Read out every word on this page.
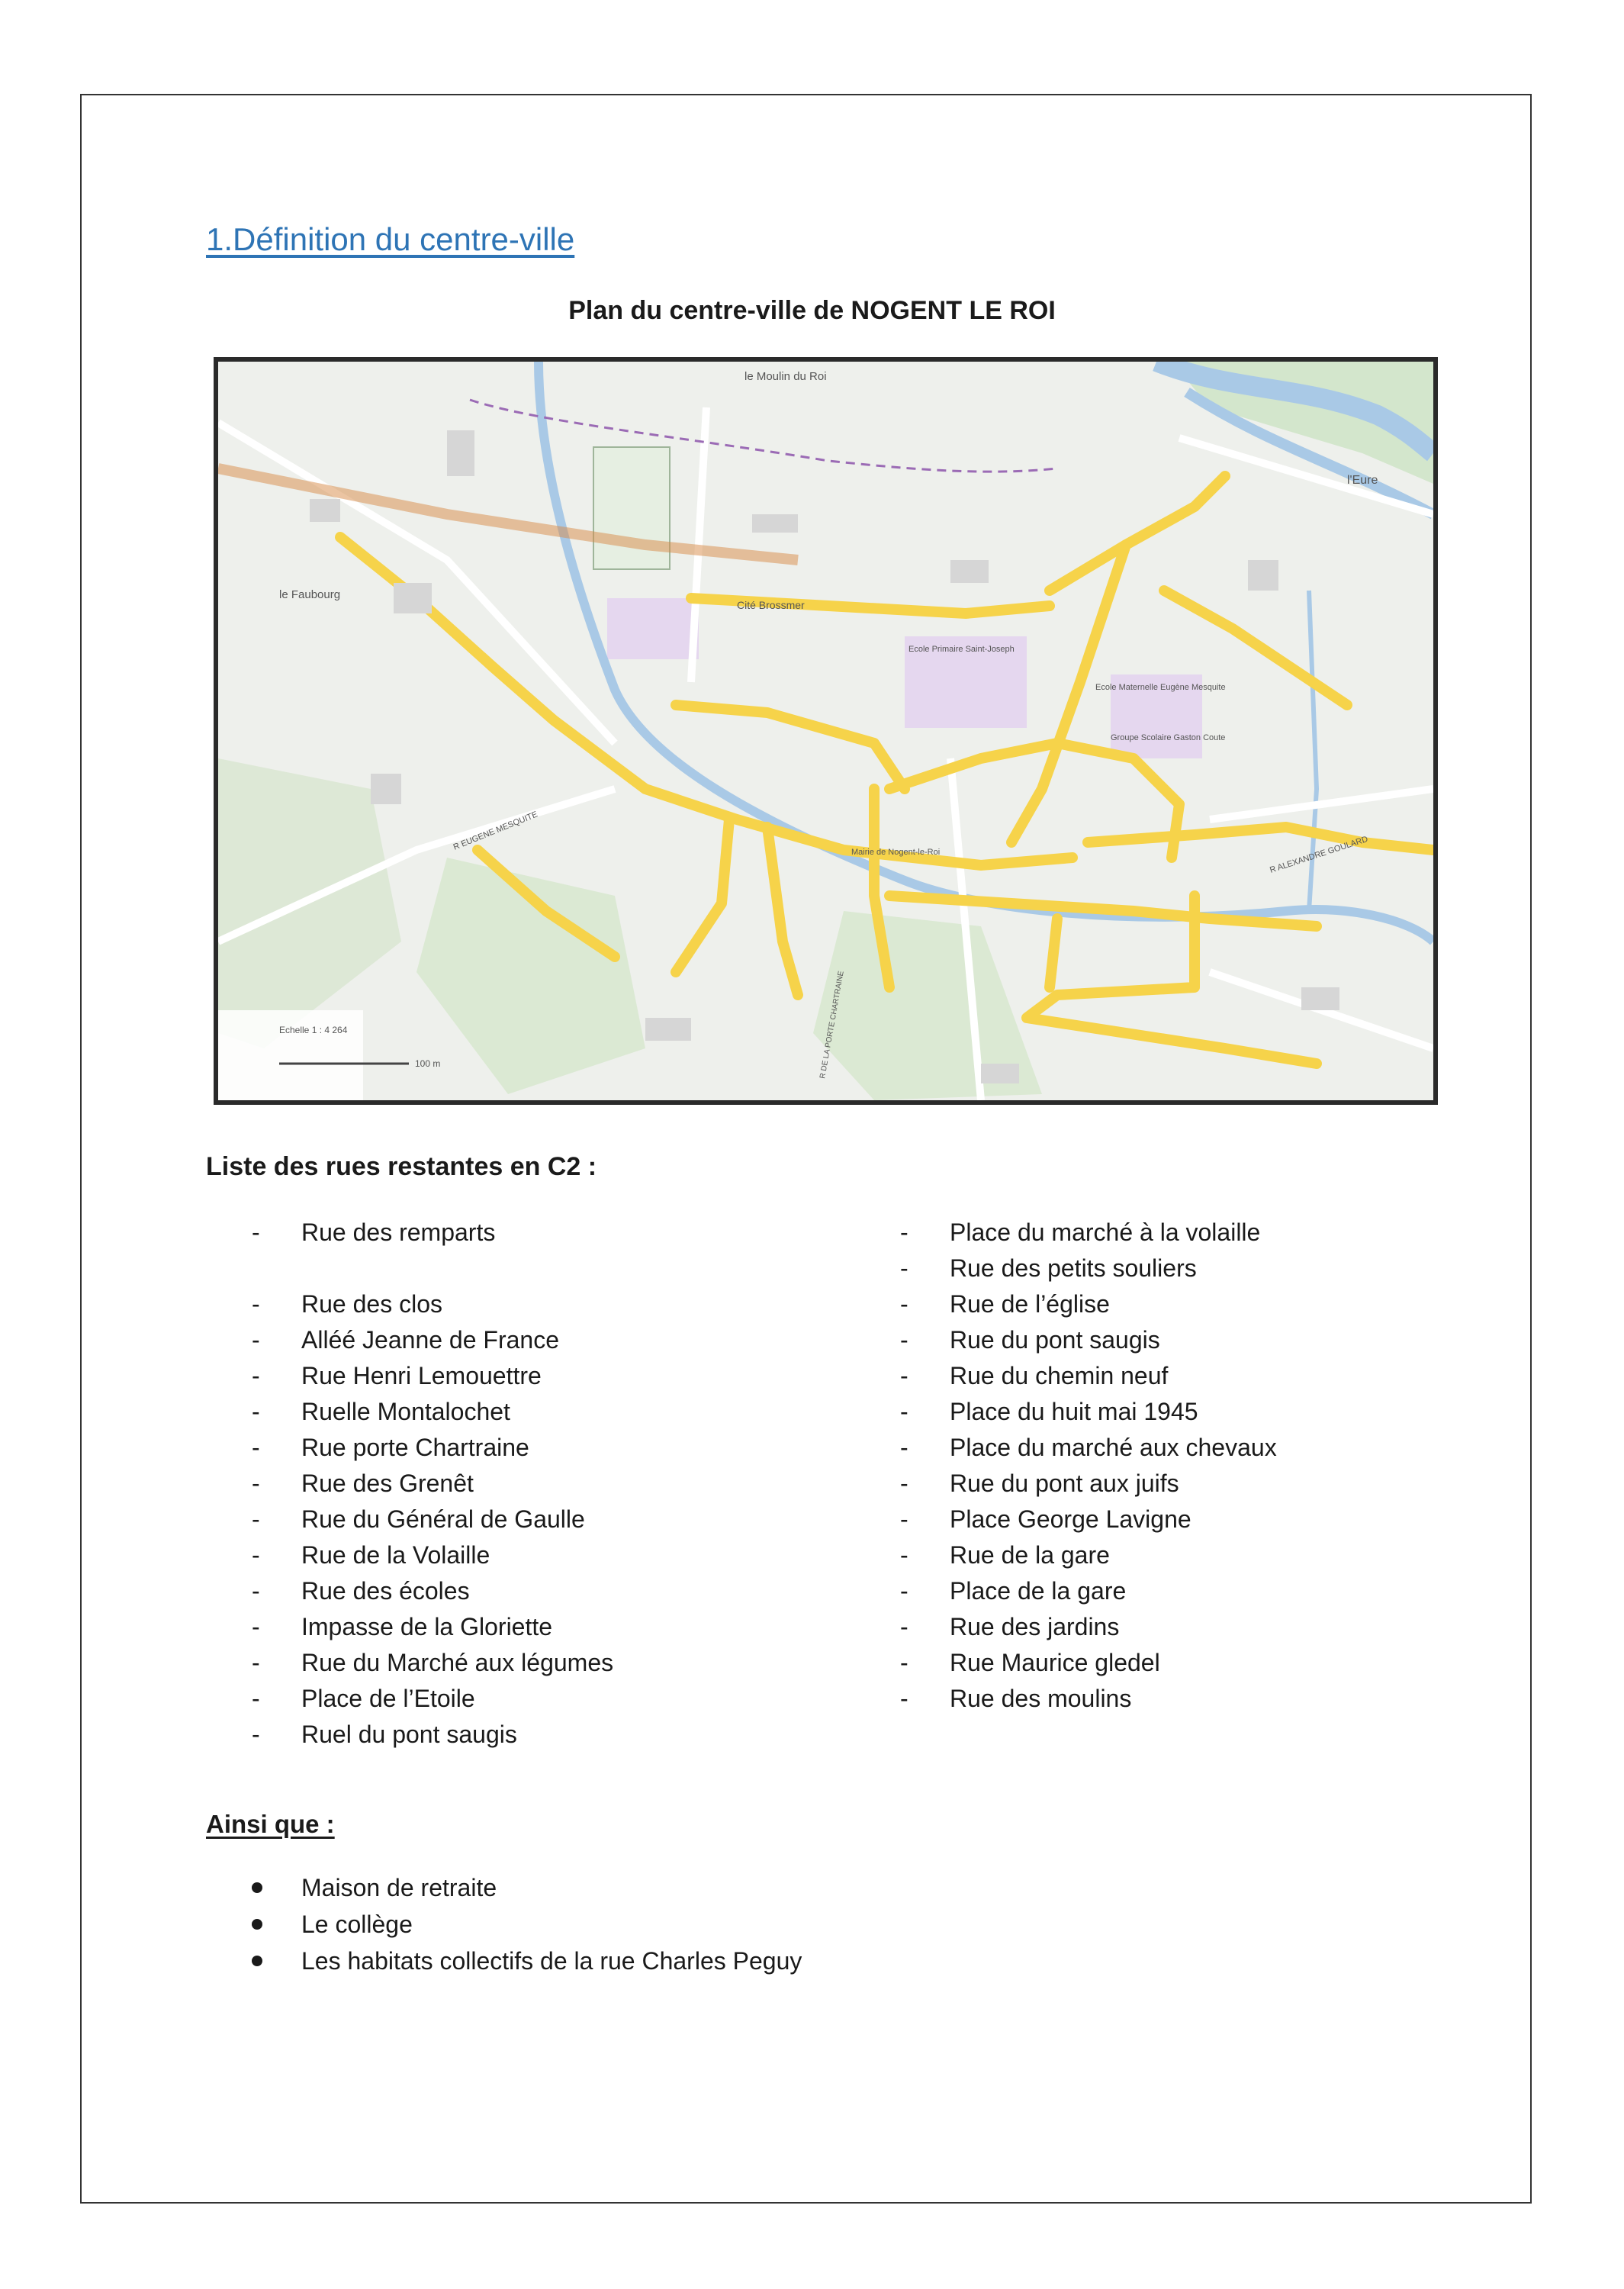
1.Définition du centre-ville
Plan du centre-ville de NOGENT LE ROI
le Moulin du Roi
le Faubourg
Cité Brossmer
Ecole Primaire Saint-Joseph
Ecole Maternelle Eugène Mesquite
Groupe Scolaire Gaston Coute
Mairie de Nogent-le-Roi
l'Eure
R EUGENE MESQUITE
R ALEXANDRE GOULARD
R DE LA PORTE CHARTRAINE
Echelle 1 : 4 264
100 m
Liste des rues restantes en C2 :
- Rue des remparts
- Rue des clos
- Alléé Jeanne de France
- Rue Henri Lemouettre
- Ruelle Montalochet
- Rue porte Chartraine
- Rue des Grenêt
- Rue du Général de Gaulle
- Rue de la Volaille
- Rue des écoles
- Impasse de la Gloriette
- Rue du Marché aux légumes
- Place de l’Etoile
- Ruel du pont saugis
- Place du marché à la volaille
- Rue des petits souliers
- Rue de l’église
- Rue du pont saugis
- Rue du chemin neuf
- Place du huit mai 1945
- Place du marché aux chevaux
- Rue du pont aux juifs
- Place George Lavigne
- Rue de la gare
- Place de la gare
- Rue des jardins
- Rue Maurice gledel
- Rue des moulins
Ainsi que :
Maison de retraite
Le collège
Les habitats collectifs de la rue Charles Peguy
